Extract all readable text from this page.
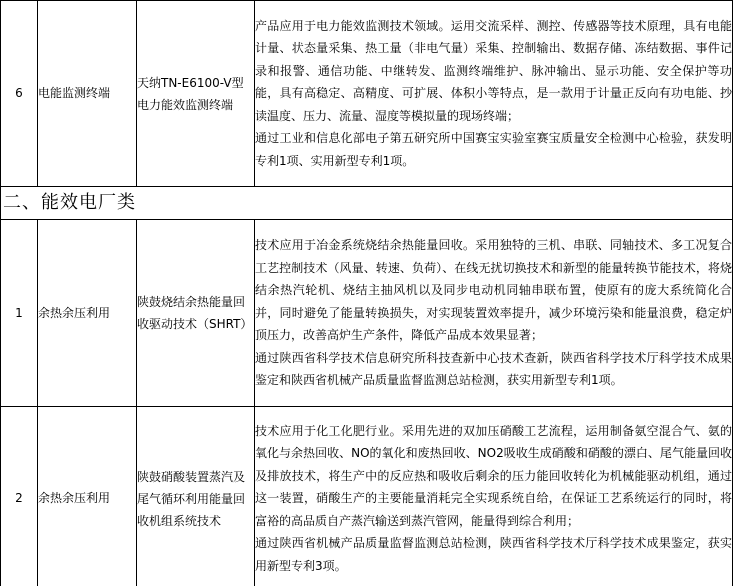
6	电能监测终端	天纳TN-E6100-V型电力能效监测终端	产品应用于电力能效监测技术领域。运用交流采样、测控、传感器等技术原理，具有电能计量、状态量采集、热工量（非电气量）采集、控制输出、数据存储、冻结数据、事件记录和报警、通信功能、中继转发、监测终端维护、脉冲输出、显示功能、安全保护等功能，具有高稳定、高精度、可扩展、体积小等特点，是一款用于计量正反向有功电能、抄读温度、压力、流量、湿度等模拟量的现场终端；
通过工业和信息化部电子第五研究所中国赛宝实验室赛宝质量安全检测中心检验，获发明专利1项、实用新型专利1项。

二、能效电厂类			
1	余热余压利用	陕鼓烧结余热能量回收驱动技术（SHRT）	技术应用于冶金系统烧结余热能量回收。采用独特的三机、串联、同轴技术、多工况复合工艺控制技术（风量、转速、负荷）、在线无扰切换技术和新型的能量转换节能技术，将烧结余热汽轮机、烧结主抽风机以及同步电动机同轴串联布置，使原有的庞大系统简化合并，同时避免了能量转换损失，对实现装置效率提升，减少环境污染和能量浪费，稳定炉顶压力，改善高炉生产条件，降低产品成本效果显著；
通过陕西省科学技术信息研究所科技查新中心技术查新，陕西省科学技术厅科学技术成果鉴定和陕西省机械产品质量监督监测总站检测，获实用新型专利1项。

2	余热余压利用	陕鼓硝酸装置蒸汽及尾气循环利用能量回收机组系统技术	技术应用于化工化肥行业。采用先进的双加压硝酸工艺流程，运用制备氨空混合气、氨的氧化与余热回收、NO的氧化和废热回收、NO2吸收生成硝酸和硝酸的漂白、尾气能量回收及排放技术，将生产中的反应热和吸收后剩余的压力能回收转化为机械能驱动机组，通过这一装置，硝酸生产的主要能量消耗完全实现系统自给，在保证工艺系统运行的同时，将富裕的高品质自产蒸汽输送到蒸汽管网，能量得到综合利用；
通过陕西省机械产品质量监督监测总站检测，陕西省科学技术厅科学技术成果鉴定，获实用新型专利3项。
